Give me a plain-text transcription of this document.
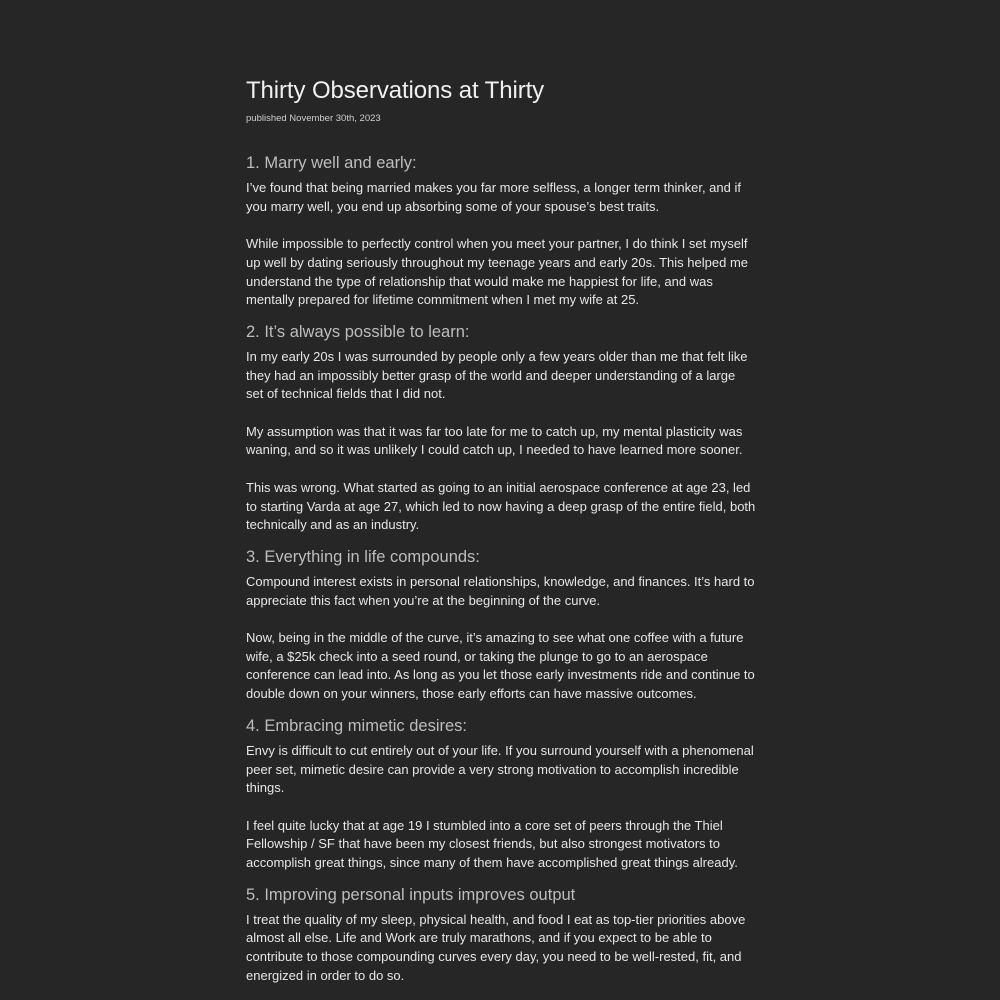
Thirty Observations at Thirty
published November 30th, 2023
1. Marry well and early:

I’ve found that being married makes you far more selfless, a longer term thinker, and if you marry well, you end up absorbing some of your spouse’s best traits.

While impossible to perfectly control when you meet your partner, I do think I set myself up well by dating seriously throughout my teenage years and early 20s. This helped me understand the type of relationship that would make me happiest for life, and was mentally prepared for lifetime commitment when I met my wife at 25.

2. It’s always possible to learn:

In my early 20s I was surrounded by people only a few years older than me that felt like they had an impossibly better grasp of the world and deeper understanding of a large set of technical fields that I did not.

My assumption was that it was far too late for me to catch up, my mental plasticity was waning, and so it was unlikely I could catch up, I needed to have learned more sooner.

This was wrong. What started as going to an initial aerospace conference at age 23, led to starting Varda at age 27, which led to now having a deep grasp of the entire field, both technically and as an industry.

3. Everything in life compounds:

Compound interest exists in personal relationships, knowledge, and finances. It’s hard to appreciate this fact when you’re at the beginning of the curve.

Now, being in the middle of the curve, it’s amazing to see what one coffee with a future wife, a $25k check into a seed round, or taking the plunge to go to an aerospace conference can lead into. As long as you let those early investments ride and continue to double down on your winners, those early efforts can have massive outcomes.

4. Embracing mimetic desires:

Envy is difficult to cut entirely out of your life. If you surround yourself with a phenomenal peer set, mimetic desire can provide a very strong motivation to accomplish incredible things.

I feel quite lucky that at age 19 I stumbled into a core set of peers through the Thiel Fellowship / SF that have been my closest friends, but also strongest motivators to accomplish great things, since many of them have accomplished great things already.

5. Improving personal inputs improves output

I treat the quality of my sleep, physical health, and food I eat as top-tier priorities above almost all else. Life and Work are truly marathons, and if you expect to be able to contribute to those compounding curves every day, you need to be well-rested, fit, and energized in order to do so.
